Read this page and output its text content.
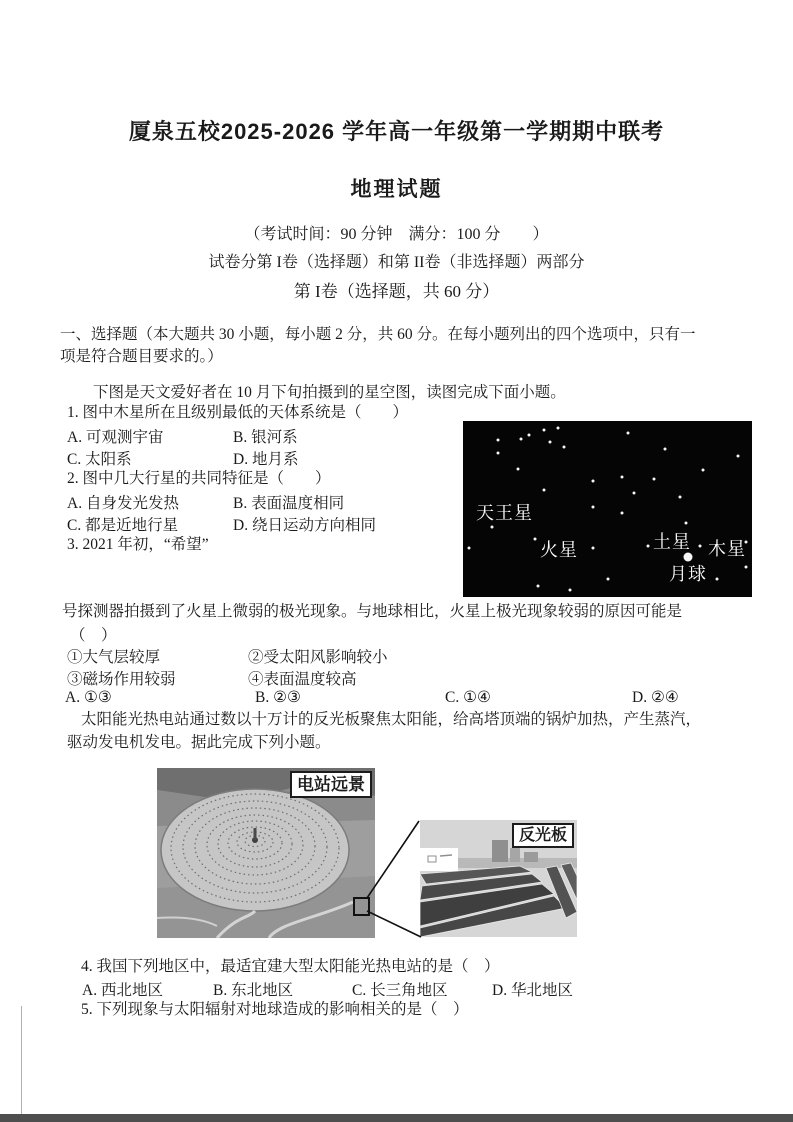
厦泉五校2025-2026 学年高一年级第一学期期中联考
地理试题
（考试时间：90 分钟　满分：100 分　　）
试卷分第 I卷（选择题）和第 II卷（非选择题）两部分
第 I卷（选择题，共 60 分）
一、选择题（本大题共 30 小题，每小题 2 分，共 60 分。在每小题列出的四个选项中，只有一
项是符合题目要求的。）
下图是天文爱好者在 10 月下旬拍摄到的星空图，读图完成下面小题。
1. 图中木星所在且级别最低的天体系统是（　　）
A. 可观测宇宙	B. 银河系
C. 太阳系	D. 地月系
2. 图中几大行星的共同特征是（　　）
A. 自身发光发热	B. 表面温度相同
C. 都是近地行星	D. 绕日运动方向相同
3. 2021 年初，“希望”
天王星
火星	土星 木星
月球
号探测器拍摄到了火星上微弱的极光现象。与地球相比，火星上极光现象较弱的原因可能是
（　）
①大气层较厚	②受太阳风影响较小
③磁场作用较弱	④表面温度较高
A. ①③	B. ②③	C. ①④	D. ②④
太阳能光热电站通过数以十万计的反光板聚焦太阳能，给高塔顶端的锅炉加热，产生蒸汽，
驱动发电机发电。据此完成下列小题。
电站远景
反光板
4. 我国下列地区中，最适宜建大型太阳能光热电站的是（　）
A. 西北地区	B. 东北地区	C. 长三角地区	D. 华北地区
5. 下列现象与太阳辐射对地球造成的影响相关的是（　）
